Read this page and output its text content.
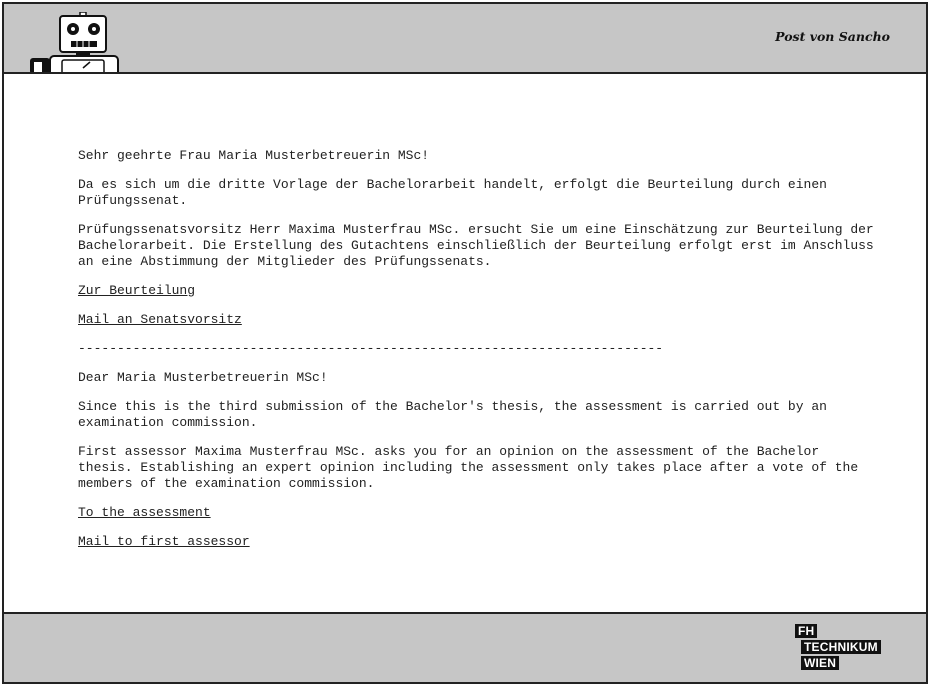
Post von Sancho

Sehr geehrte Frau Maria Musterbetreuerin MSc!

Da es sich um die dritte Vorlage der Bachelorarbeit handelt, erfolgt die Beurteilung durch einen Prüfungssenat.

Prüfungssenatsvorsitz Herr Maxima Musterfrau MSc. ersucht Sie um eine Einschätzung zur Beurteilung der Bachelorarbeit. Die Erstellung des Gutachtens einschließlich der Beurteilung erfolgt erst im Anschluss an eine Abstimmung der Mitglieder des Prüfungssenats.

Zur Beurteilung

Mail an Senatsvorsitz

---------------------------------------------------------------------------

Dear Maria Musterbetreuerin MSc!

Since this is the third submission of the Bachelor's thesis, the assessment is carried out by an examination commission.

First assessor Maxima Musterfrau MSc. asks you for an opinion on the assessment of the Bachelor thesis. Establishing an expert opinion including the assessment only takes place after a vote of the members of the examination commission.

To the assessment

Mail to first assessor

FH
TECHNIKUM
WIEN
